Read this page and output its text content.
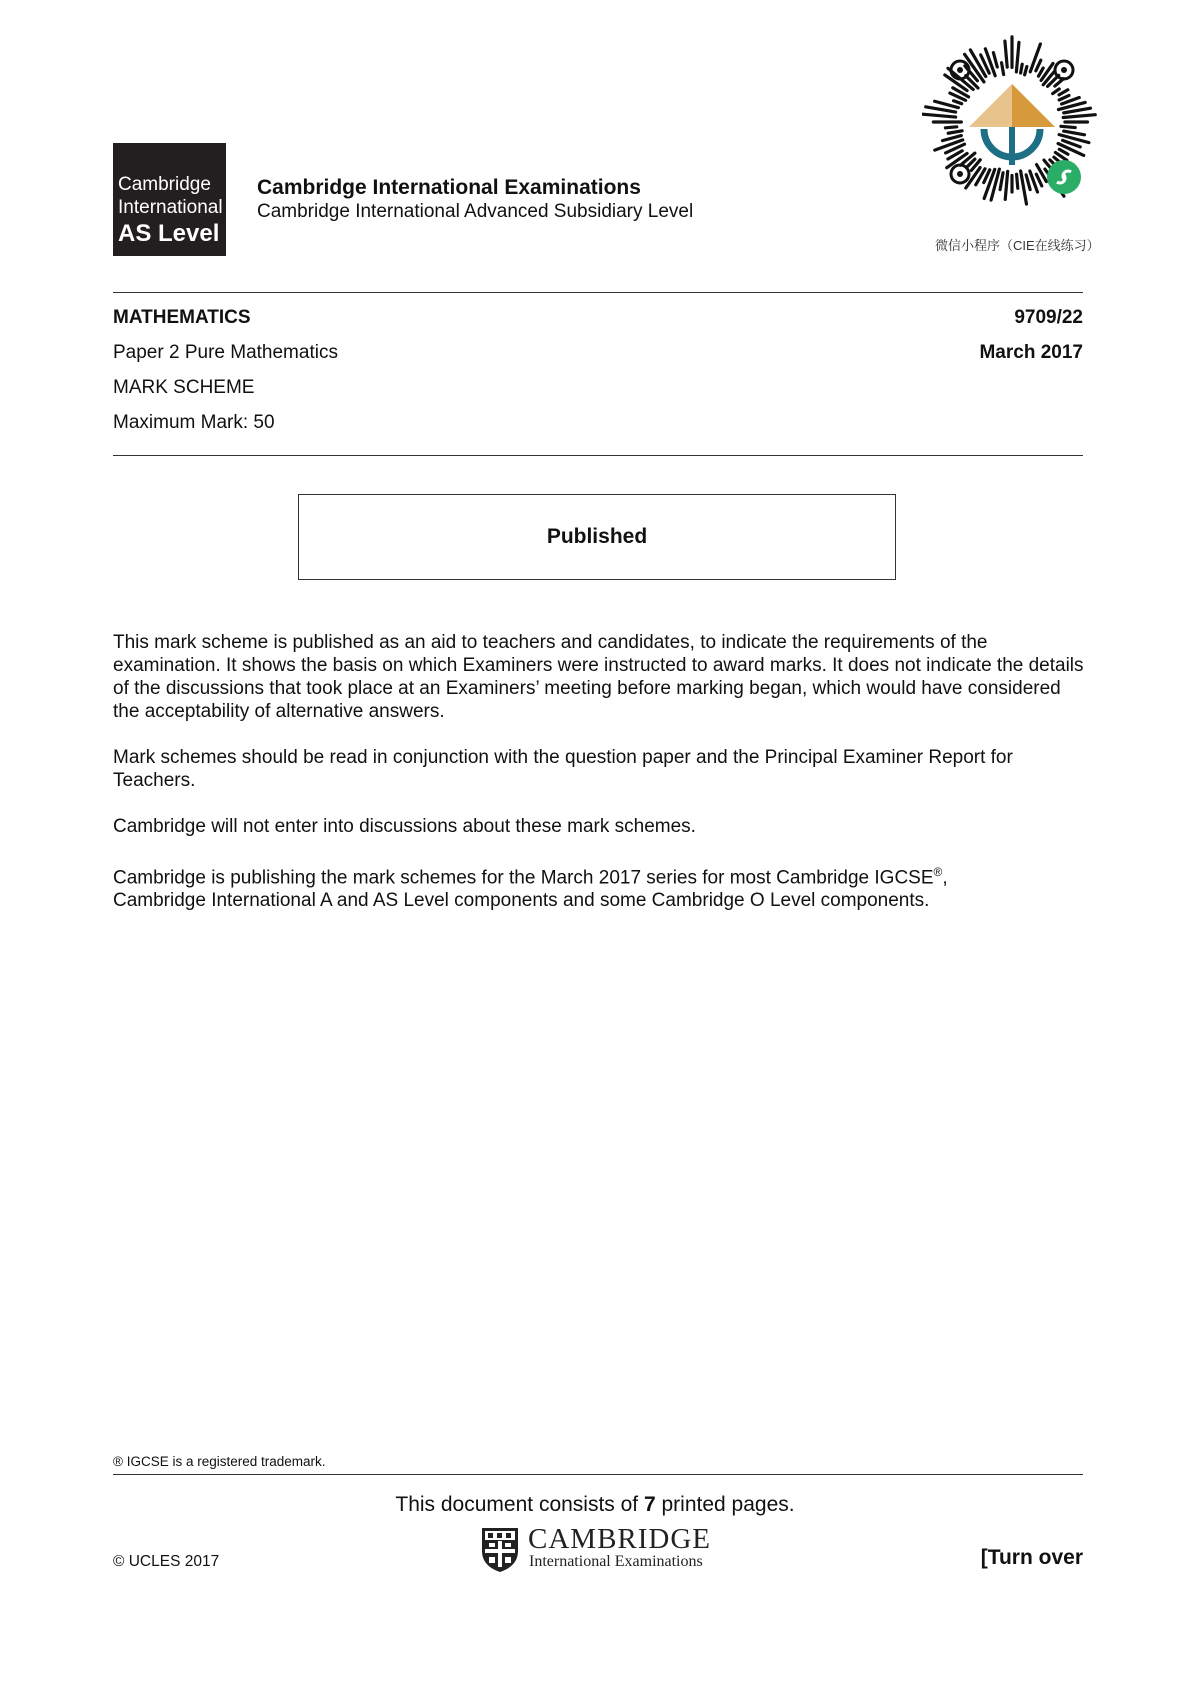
Cambridge
International
AS Level
Cambridge International Examinations
Cambridge International Advanced Subsidiary Level
微信小程序（CIE在线练习）
MATHEMATICS	9709/22
Paper 2 Pure Mathematics	March 2017
MARK SCHEME
Maximum Mark: 50
Published
This mark scheme is published as an aid to teachers and candidates, to indicate the requirements of the examination. It shows the basis on which Examiners were instructed to award marks. It does not indicate the details of the discussions that took place at an Examiners’ meeting before marking began, which would have considered the acceptability of alternative answers.
Mark schemes should be read in conjunction with the question paper and the Principal Examiner Report for Teachers.
Cambridge will not enter into discussions about these mark schemes.
Cambridge is publishing the mark schemes for the March 2017 series for most Cambridge IGCSE®,
Cambridge International A and AS Level components and some Cambridge O Level components.
® IGCSE is a registered trademark.
This document consists of 7 printed pages.
© UCLES 2017
CAMBRIDGE
International Examinations	[Turn over
